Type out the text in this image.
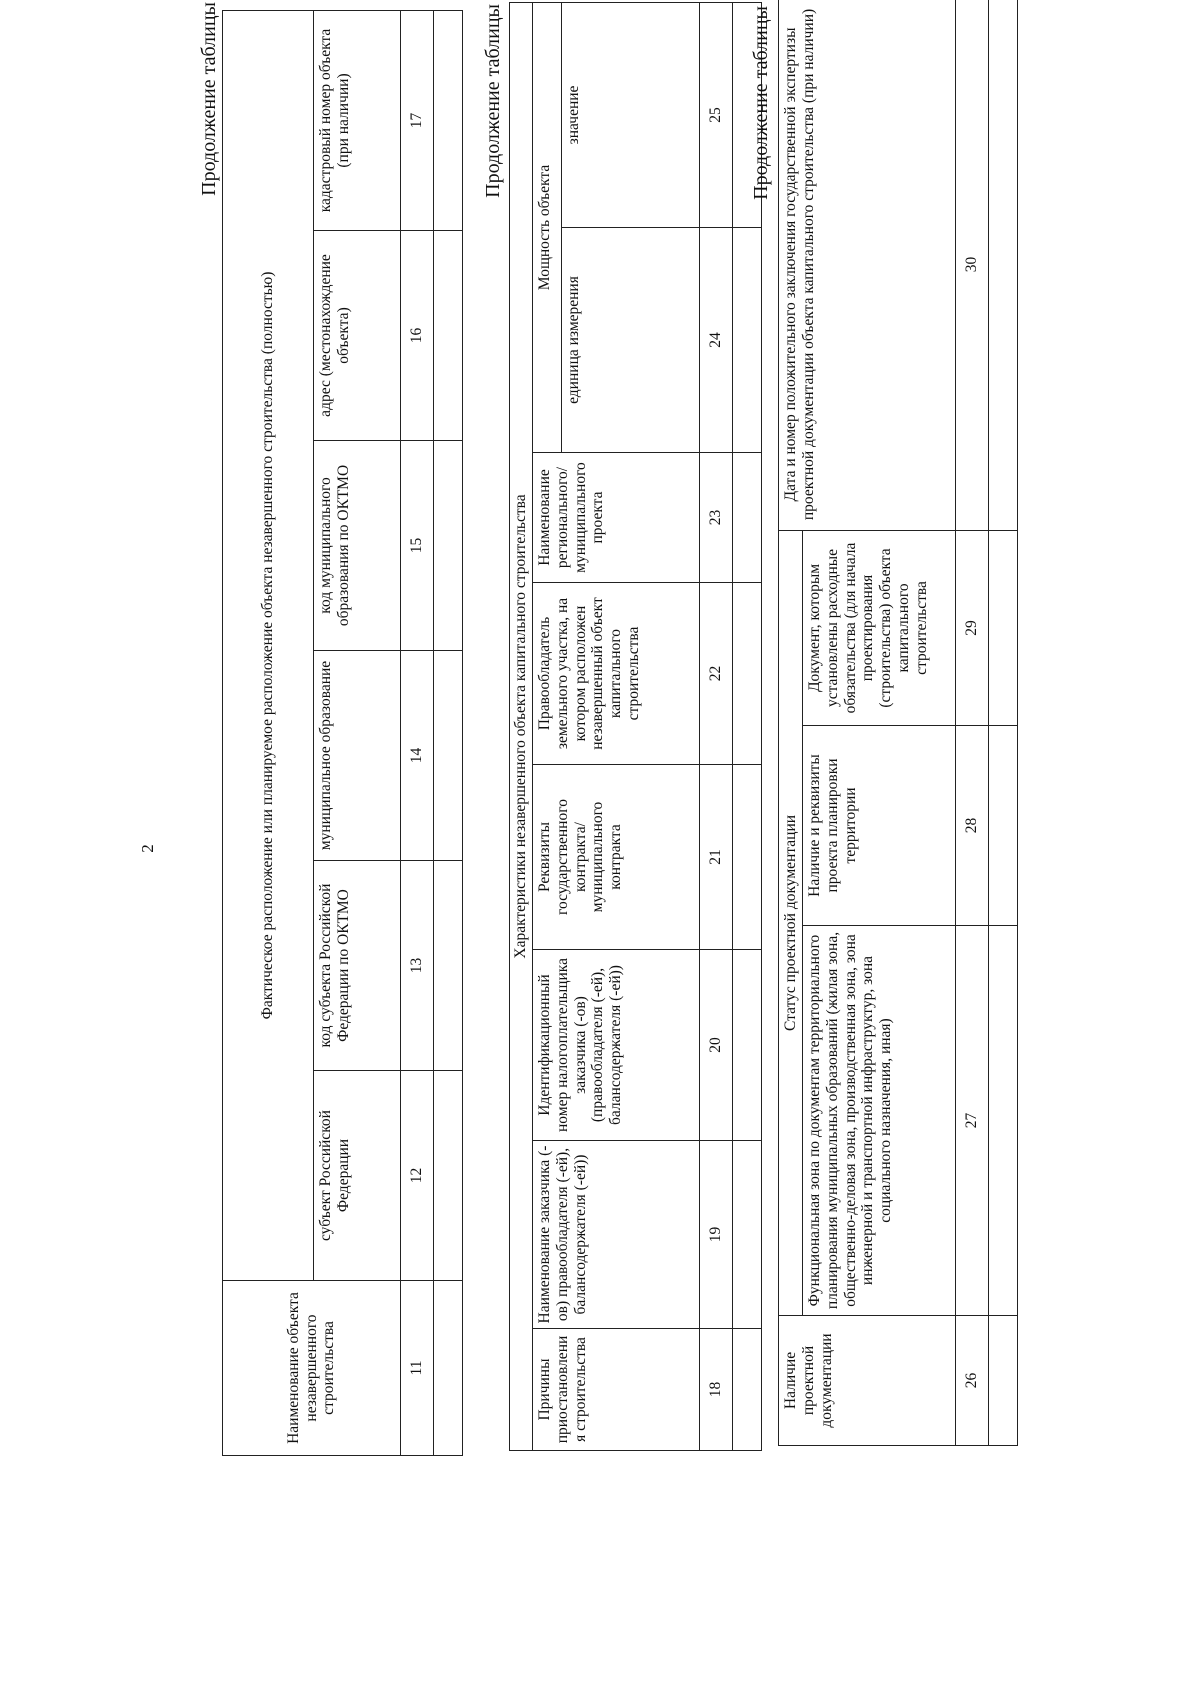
2
Продолжение таблицы
Наименование объекта незавершенного строительства	Фактическое расположение или планируемое расположение объекта незавершенного строительства (полностью)					
	субъект Российской Федерации	код субъекта Российской Федерации по ОКТМО	муниципальное образование	код муниципального образования по ОКТМО	адрес (местонахождение объекта)	кадастровый номер объекта (при наличии)
11	12	13	14	15	16	17
							Продолжение таблицы
Характеристики незавершенного объекта капитального строительства							
Причины приостановления строительства	Наименование заказчика (-ов) правообладателя (-ей), балансодержателя (-ей))	Идентификационный номер налогоплательщика заказчика (-ов) (правообладателя (-ей), балансодержателя (-ей))	Реквизиты государственного контракта/муниципального контракта	Правообладатель земельного участка, на котором расположен незавершенный объект капитального строительства	Наименование регионального/ муниципального проекта	Мощность объекта	
						единица измерения	значение
18	19	20	21	22	23	24	25
							Продолжение таблицы
Наличие проектной документации	Статус проектной документации			Дата и номер положительного заключения государственной экспертизы проектной документации объекта капитального строительства (при наличии)
	Функциональная зона по документам территориального планирования муниципальных образований (жилая зона, общественно-деловая зона, производственная зона, зона инженерной и транспортной инфраструктур, зона социального назначения, иная)	Наличие и реквизиты проекта планировки территории	Документ, которым установлены расходные обязательства (для начала проектирования (строительства) объекта капитального строительства	
26	27	28	29	30
